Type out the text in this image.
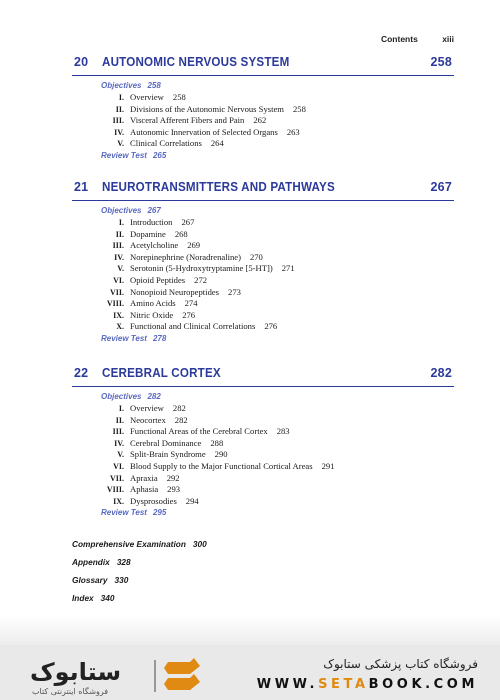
Contents	xiii
20 AUTONOMIC NERVOUS SYSTEM	258
Objectives 258
I. Overview 258
II. Divisions of the Autonomic Nervous System 258
III. Visceral Afferent Fibers and Pain 262
IV. Autonomic Innervation of Selected Organs 263
V. Clinical Correlations 264
Review Test 265
21 NEUROTRANSMITTERS AND PATHWAYS	267
Objectives 267
I. Introduction 267
II. Dopamine 268
III. Acetylcholine 269
IV. Norepinephrine (Noradrenaline) 270
V. Serotonin (5-Hydroxytryptamine [5-HT]) 271
VI. Opioid Peptides 272
VII. Nonopioid Neuropeptides 273
VIII. Amino Acids 274
IX. Nitric Oxide 276
X. Functional and Clinical Correlations 276
Review Test 278
22 CEREBRAL CORTEX	282
Objectives 282
I. Overview 282
II. Neocortex 282
III. Functional Areas of the Cerebral Cortex 283
IV. Cerebral Dominance 288
V. Split-Brain Syndrome 290
VI. Blood Supply to the Major Functional Cortical Areas 291
VII. Apraxia 292
VIII. Aphasia 293
IX. Dysprosodies 294
Review Test 295
Comprehensive Examination 300
Appendix 328
Glossary 330
Index 340
ستابوک
فروشگاه اینترنتی کتاب
فروشگاه کتاب پزشکی ستابوک
WWW.SETABOOK.COM
